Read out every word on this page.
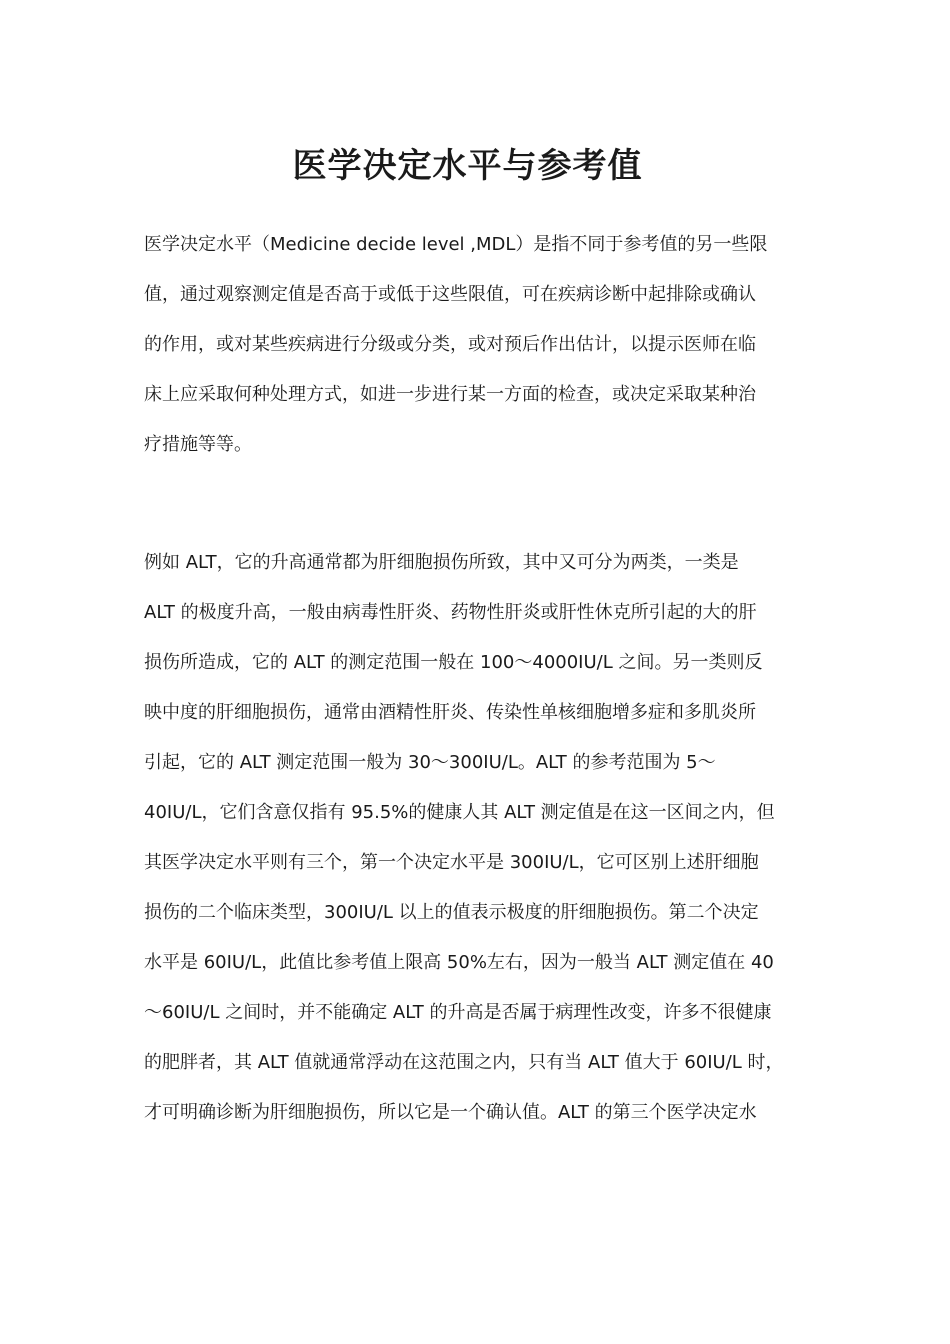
医学决定水平与参考值
医学决定水平（Medicine decide level ,MDL）是指不同于参考值的另一些限
值，通过观察测定值是否高于或低于这些限值，可在疾病诊断中起排除或确认
的作用，或对某些疾病进行分级或分类，或对预后作出估计，以提示医师在临
床上应采取何种处理方式，如进一步进行某一方面的检查，或决定采取某种治
疗措施等等。
例如 ALT，它的升高通常都为肝细胞损伤所致，其中又可分为两类，一类是
ALT 的极度升高，一般由病毒性肝炎、药物性肝炎或肝性休克所引起的大的肝
损伤所造成，它的 ALT 的测定范围一般在 100～4000IU/L 之间。另一类则反
映中度的肝细胞损伤，通常由酒精性肝炎、传染性单核细胞增多症和多肌炎所
引起，它的 ALT 测定范围一般为 30～300IU/L。ALT 的参考范围为 5～
40IU/L，它们含意仅指有 95.5%的健康人其 ALT 测定值是在这一区间之内，但
其医学决定水平则有三个，第一个决定水平是 300IU/L，它可区别上述肝细胞
损伤的二个临床类型，300IU/L 以上的值表示极度的肝细胞损伤。第二个决定
水平是 60IU/L，此值比参考值上限高 50%左右，因为一般当 ALT 测定值在 40
～60IU/L 之间时，并不能确定 ALT 的升高是否属于病理性改变，许多不很健康
的肥胖者，其 ALT 值就通常浮动在这范围之内，只有当 ALT 值大于 60IU/L 时，
才可明确诊断为肝细胞损伤，所以它是一个确认值。ALT 的第三个医学决定水
